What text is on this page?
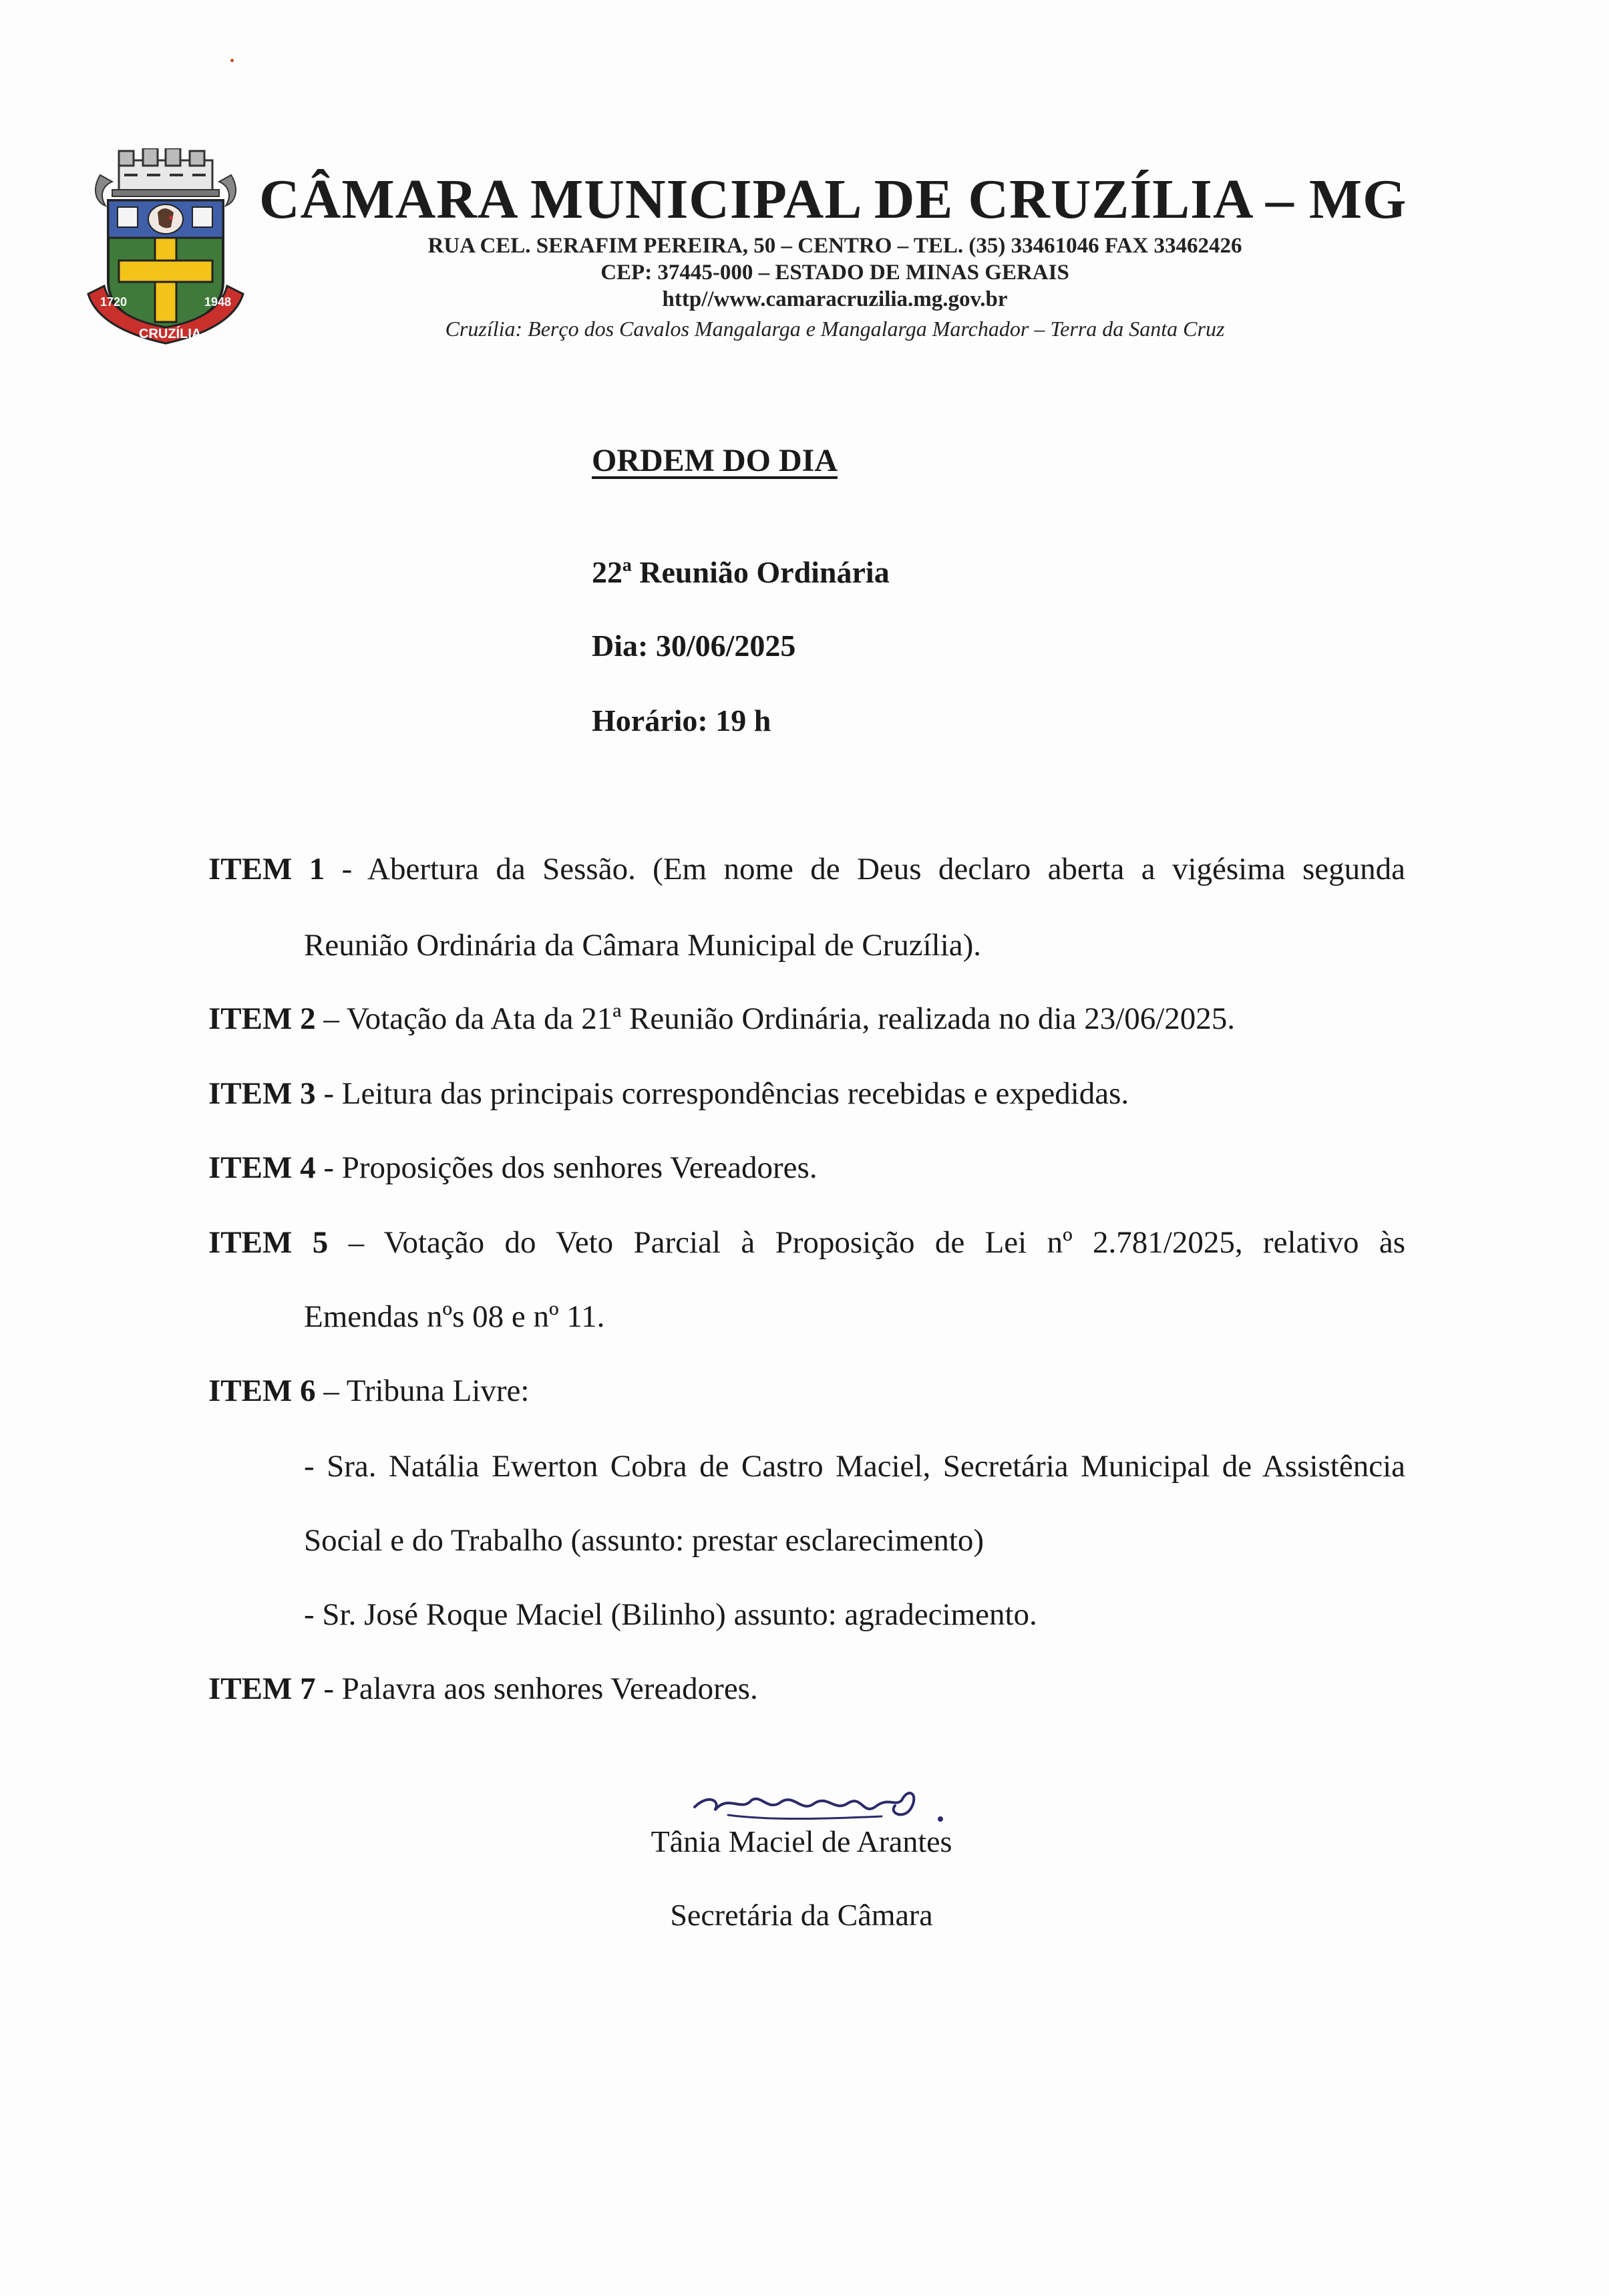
1720	1948
CRUZÍLIA
CÂMARA MUNICIPAL DE CRUZÍLIA – MG
RUA CEL. SERAFIM PEREIRA, 50 – CENTRO – TEL. (35) 33461046 FAX 33462426
CEP: 37445-000 – ESTADO DE MINAS GERAIS
http//www.camaracruzilia.mg.gov.br
Cruzília: Berço dos Cavalos Mangalarga e Mangalarga Marchador – Terra da Santa Cruz
ORDEM DO DIA
22ª Reunião Ordinária
Dia: 30/06/2025
Horário: 19 h
ITEM 1 - Abertura da Sessão. (Em nome de Deus declaro aberta a vigésima segunda
Reunião Ordinária da Câmara Municipal de Cruzília).
ITEM 2 – Votação da Ata da 21ª Reunião Ordinária, realizada no dia 23/06/2025.
ITEM 3 - Leitura das principais correspondências recebidas e expedidas.
ITEM 4 - Proposições dos senhores Vereadores.
ITEM 5 – Votação do Veto Parcial à Proposição de Lei nº 2.781/2025, relativo às
Emendas nºs 08 e nº 11.
ITEM 6 – Tribuna Livre:
- Sra. Natália Ewerton Cobra de Castro Maciel, Secretária Municipal de Assistência
Social e do Trabalho (assunto: prestar esclarecimento)
- Sr. José Roque Maciel (Bilinho) assunto: agradecimento.
ITEM 7 - Palavra aos senhores Vereadores.
Tânia Maciel de Arantes
Secretária da Câmara
